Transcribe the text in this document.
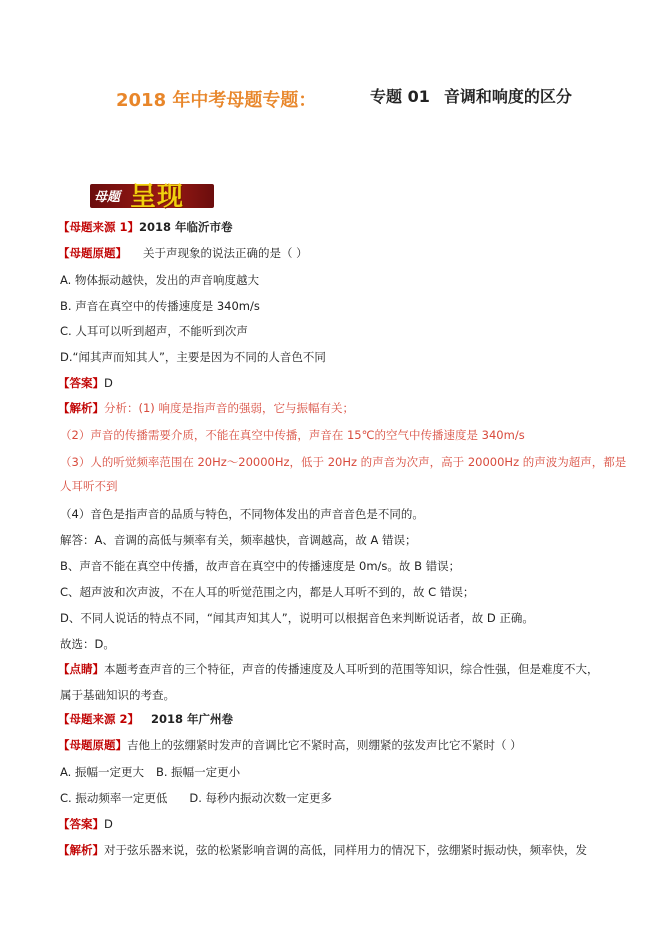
2018 年中考母题专题：	专题 01 音调和响度的区分
母题 呈现
【母题来源 1】2018 年临沂市卷
【母题原题】 关于声现象的说法正确的是（ ）
A. 物体振动越快，发出的声音响度越大
B. 声音在真空中的传播速度是 340m/s
C. 人耳可以听到超声，不能听到次声
D.“闻其声而知其人”，主要是因为不同的人音色不同
【答案】D
【解析】分析：(1) 响度是指声音的强弱，它与振幅有关；
（2）声音的传播需要介质，不能在真空中传播，声音在 15℃的空气中传播速度是 340m/s
（3）人的听觉频率范围在 20Hz～20000Hz，低于 20Hz 的声音为次声，高于 20000Hz 的声波为超声，都是
人耳听不到
（4）音色是指声音的品质与特色，不同物体发出的声音音色是不同的。
解答：A、音调的高低与频率有关，频率越快，音调越高，故 A 错误；
B、声音不能在真空中传播，故声音在真空中的传播速度是 0m/s。故 B 错误；
C、超声波和次声波，不在人耳的听觉范围之内，都是人耳听不到的，故 C 错误；
D、不同人说话的特点不同，“闻其声知其人”，说明可以根据音色来判断说话者，故 D 正确。
故选：D。
【点睛】本题考查声音的三个特征，声音的传播速度及人耳听到的范围等知识，综合性强，但是难度不大，
属于基础知识的考查。
【母题来源 2】 2018 年广州卷
【母题原题】吉他上的弦绷紧时发声的音调比它不紧时高，则绷紧的弦发声比它不紧时（ ）
A. 振幅一定更大 B. 振幅一定更小
C. 振动频率一定更低 D. 每秒内振动次数一定更多
【答案】D
【解析】对于弦乐器来说，弦的松紧影响音调的高低，同样用力的情况下，弦绷紧时振动快，频率快，发
